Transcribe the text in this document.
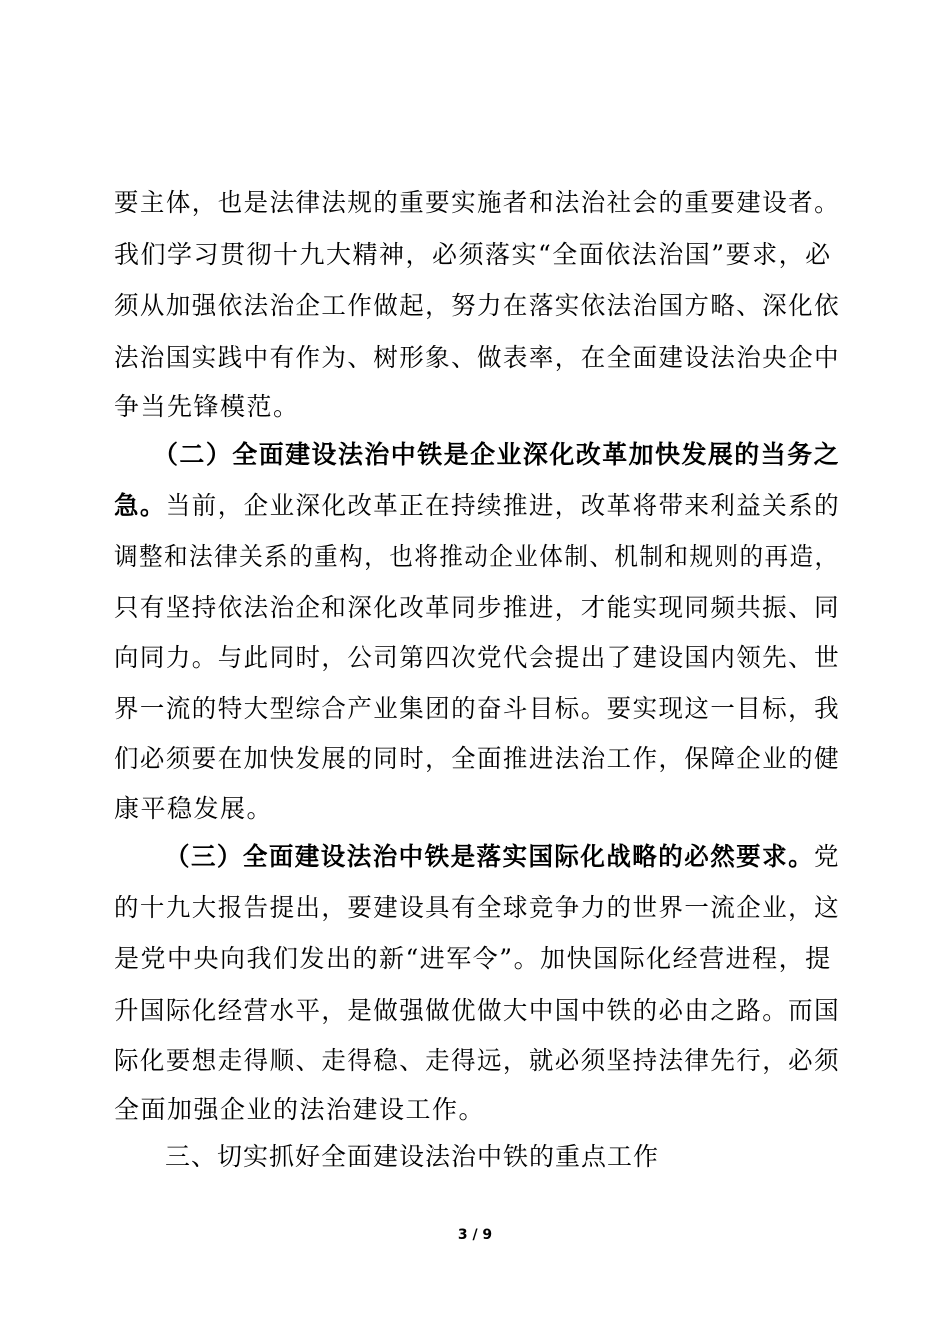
要主体，也是法律法规的重要实施者和法治社会的重要建设者。
我们学习贯彻十九大精神，必须落实“全面依法治国”要求，必
须从加强依法治企工作做起，努力在落实依法治国方略、深化依
法治国实践中有作为、树形象、做表率，在全面建设法治央企中
争当先锋模范。
（二）全面建设法治中铁是企业深化改革加快发展的当务之
急。当前，企业深化改革正在持续推进，改革将带来利益关系的
调整和法律关系的重构，也将推动企业体制、机制和规则的再造，
只有坚持依法治企和深化改革同步推进，才能实现同频共振、同
向同力。与此同时，公司第四次党代会提出了建设国内领先、世
界一流的特大型综合产业集团的奋斗目标。要实现这一目标，我
们必须要在加快发展的同时，全面推进法治工作，保障企业的健
康平稳发展。
（三）全面建设法治中铁是落实国际化战略的必然要求。党
的十九大报告提出，要建设具有全球竞争力的世界一流企业，这
是党中央向我们发出的新“进军令”。加快国际化经营进程，提
升国际化经营水平，是做强做优做大中国中铁的必由之路。而国
际化要想走得顺、走得稳、走得远，就必须坚持法律先行，必须
全面加强企业的法治建设工作。
三、切实抓好全面建设法治中铁的重点工作
3 / 9
